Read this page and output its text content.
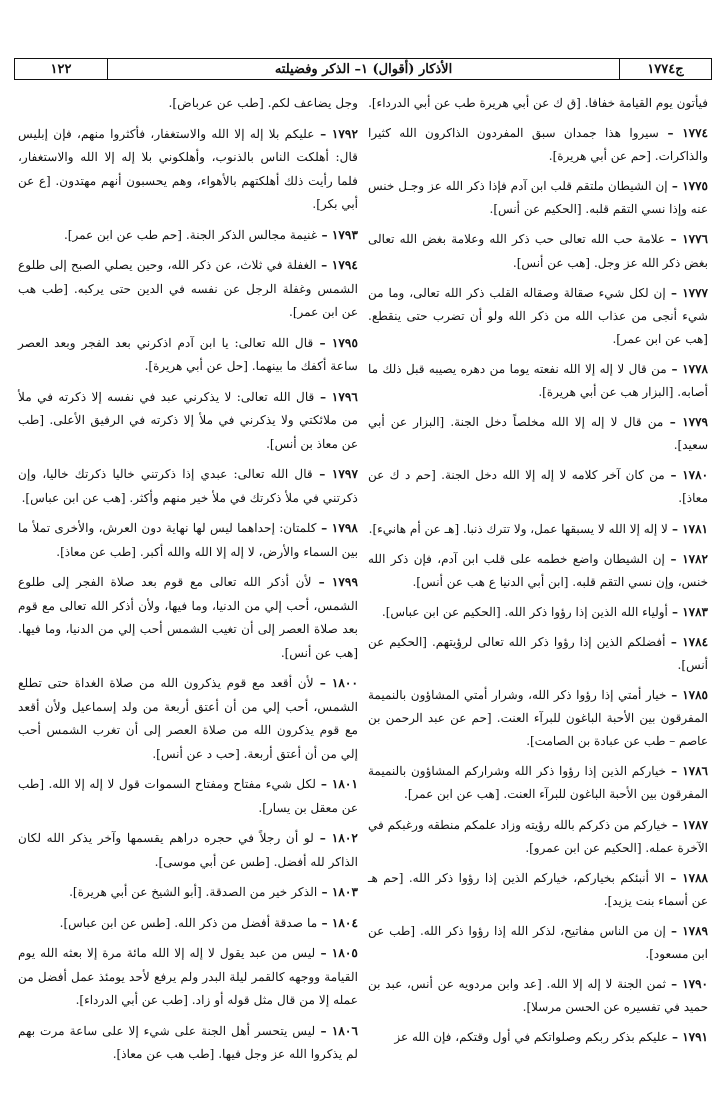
ج١٧٧٤
الأذكار (أقوال) ١– الذكر وفضيلته
١٢٢

فيأتون يوم القيامة خفافا. [ق ك عن أبي هريرة طب عن أبي الدرداء].

١٧٧٤ – سيروا هذا جمدان سبق المفردون الذاكرون الله كثيرا والذاكرات. [حم عن أبي هريرة].

١٧٧٥ – إن الشيطان ملتقم قلب ابن آدم فإذا ذكر الله عز وجـل خنس عنه وإذا نسي التقم قلبه. [الحكيم عن أنس].

١٧٧٦ – علامة حب الله تعالى حب ذكر الله وعلامة بغض الله تعالى بغض ذكر الله عز وجل. [هب عن أنس].

١٧٧٧ – إن لكل شيء صقالة وصقاله القلب ذكر الله تعالى، وما من شيء أنجى من عذاب الله من ذكر الله ولو أن تضرب حتى ينقطع. [هب عن ابن عمر].

١٧٧٨ – من قال لا إله إلا الله نفعته يوما من دهره يصيبه قبل ذلك ما أصابه. [البزار هب عن أبي هريرة].

١٧٧٩ – من قال لا إله إلا الله مخلصاً دخل الجنة. [البزار عن أبي سعيد].

١٧٨٠ – من كان آخر كلامه لا إله إلا الله دخل الجنة. [حم د ك عن معاذ].

١٧٨١ – لا إله إلا الله لا يسبقها عمل، ولا تترك ذنبا. [هـ عن أم هانيء].

١٧٨٢ – إن الشيطان واضع خطمه على قلب ابن آدم، فإن ذكر الله خنس، وإن نسي التقم قلبه. [ابن أبي الدنيا ع هب عن أنس].

١٧٨٣ – أولياء الله الذين إذا رؤوا ذكر الله. [الحكيم عن ابن عباس].

١٧٨٤ – أفضلكم الذين إذا رؤوا ذكر الله تعالى لرؤيتهم. [الحكيم عن أنس].

١٧٨٥ – خيار أمتي إذا رؤوا ذكر الله، وشرار أمتي المشاؤون بالنميمة المفرقون بين الأحبة الباغون للبرآء العنت. [حم عن عبد الرحمن بن عاصم – طب عن عبادة بن الصامت].

١٧٨٦ – خياركم الذين إذا رؤوا ذكر الله وشراركم المشاؤون بالنميمة المفرقون بين الأحبة الباغون للبرآء العنت. [هب عن ابن عمر].

١٧٨٧ – خياركم من ذكركم بالله رؤيته وزاد علمكم منطقه ورغبكم في الآخرة عمله. [الحكيم عن ابن عمرو].

١٧٨٨ – الا أنبئكم بخياركم، خياركم الذين إذا رؤوا ذكر الله. [حم هـ عن أسماء بنت يزيد].

١٧٨٩ – إن من الناس مفاتيح، لذكر الله إذا رؤوا ذكر الله. [طب عن ابن مسعود].

١٧٩٠ – ثمن الجنة لا إله إلا الله. [عد وابن مردويه عن أنس، عبد بن حميد في تفسيره عن الحسن مرسلا].

١٧٩١ – عليكم بذكر ربكم وصلواتكم في أول وقتكم، فإن الله عز

وجل يضاعف لكم. [طب عن عرباض].

١٧٩٢ – عليكم بلا إله إلا الله والاستغفار، فأكثروا منهم، فإن إبليس قال: أهلكت الناس بالذنوب، وأهلكوني بلا إله إلا الله والاستغفار، فلما رأيت ذلك أهلكتهم بالأهواء، وهم يحسبون أنهم مهتدون. [ع عن أبي بكر].

١٧٩٣ – غنيمة مجالس الذكر الجنة. [حم طب عن ابن عمر].

١٧٩٤ – الغفلة في ثلاث، عن ذكر الله، وحين يصلي الصبح إلى طلوع الشمس وغفلة الرجل عن نفسه في الدين حتى يركبه. [طب هب عن ابن عمر].

١٧٩٥ – قال الله تعالى: يا ابن آدم اذكرني بعد الفجر وبعد العصر ساعة أكفك ما بينهما. [حل عن أبي هريرة].

١٧٩٦ – قال الله تعالى: لا يذكرني عبد في نفسه إلا ذكرته في ملأ من ملائكتي ولا يذكرني في ملأ إلا ذكرته في الرفيق الأعلى. [طب عن معاذ بن أنس].

١٧٩٧ – قال الله تعالى: عبدي إذا ذكرتني خاليا ذكرتك خاليا، وإن ذكرتني في ملأ ذكرتك في ملأ خير منهم وأكثر. [هب عن ابن عباس].

١٧٩٨ – كلمتان: إحداهما ليس لها نهاية دون العرش، والأخرى تملأ ما بين السماء والأرض، لا إله إلا الله والله أكبر. [طب عن معاذ].

١٧٩٩ – لأن أذكر الله تعالى مع قوم بعد صلاة الفجر إلى طلوع الشمس، أحب إلي من الدنيا، وما فيها، ولأن أذكر الله تعالى مع قوم بعد صلاة العصر إلى أن تغيب الشمس أحب إلي من الدنيا، وما فيها. [هب عن أنس].

١٨٠٠ – لأن أقعد مع قوم يذكرون الله من صلاة الغداة حتى تطلع الشمس، أحب إلي من أن أعتق أربعة من ولد إسماعيل ولأن أقعد مع قوم يذكرون الله من صلاة العصر إلى أن تغرب الشمس أحب إلي من أن أعتق أربعة. [حب د عن أنس].

١٨٠١ – لكل شيء مفتاح ومفتاح السموات قول لا إله إلا الله. [طب عن معقل بن يسار].

١٨٠٢ – لو أن رجلاً في حجره دراهم يقسمها وآخر يذكر الله لكان الذاكر لله أفضل. [طس عن أبي موسى].

١٨٠٣ – الذكر خير من الصدقة. [أبو الشيخ عن أبي هريرة].

١٨٠٤ – ما صدقة أفضل من ذكر الله. [طس عن ابن عباس].

١٨٠٥ – ليس من عبد يقول لا إله إلا الله مائة مرة إلا بعثه الله يوم القيامة ووجهه كالقمر ليلة البدر ولم يرفع لأحد يومئذ عمل أفضل من عمله إلا من قال مثل قوله أو زاد. [طب عن أبي الدرداء].

١٨٠٦ – ليس يتحسر أهل الجنة على شيء إلا على ساعة مرت بهم لم يذكروا الله عز وجل فيها. [طب هب عن معاذ].
